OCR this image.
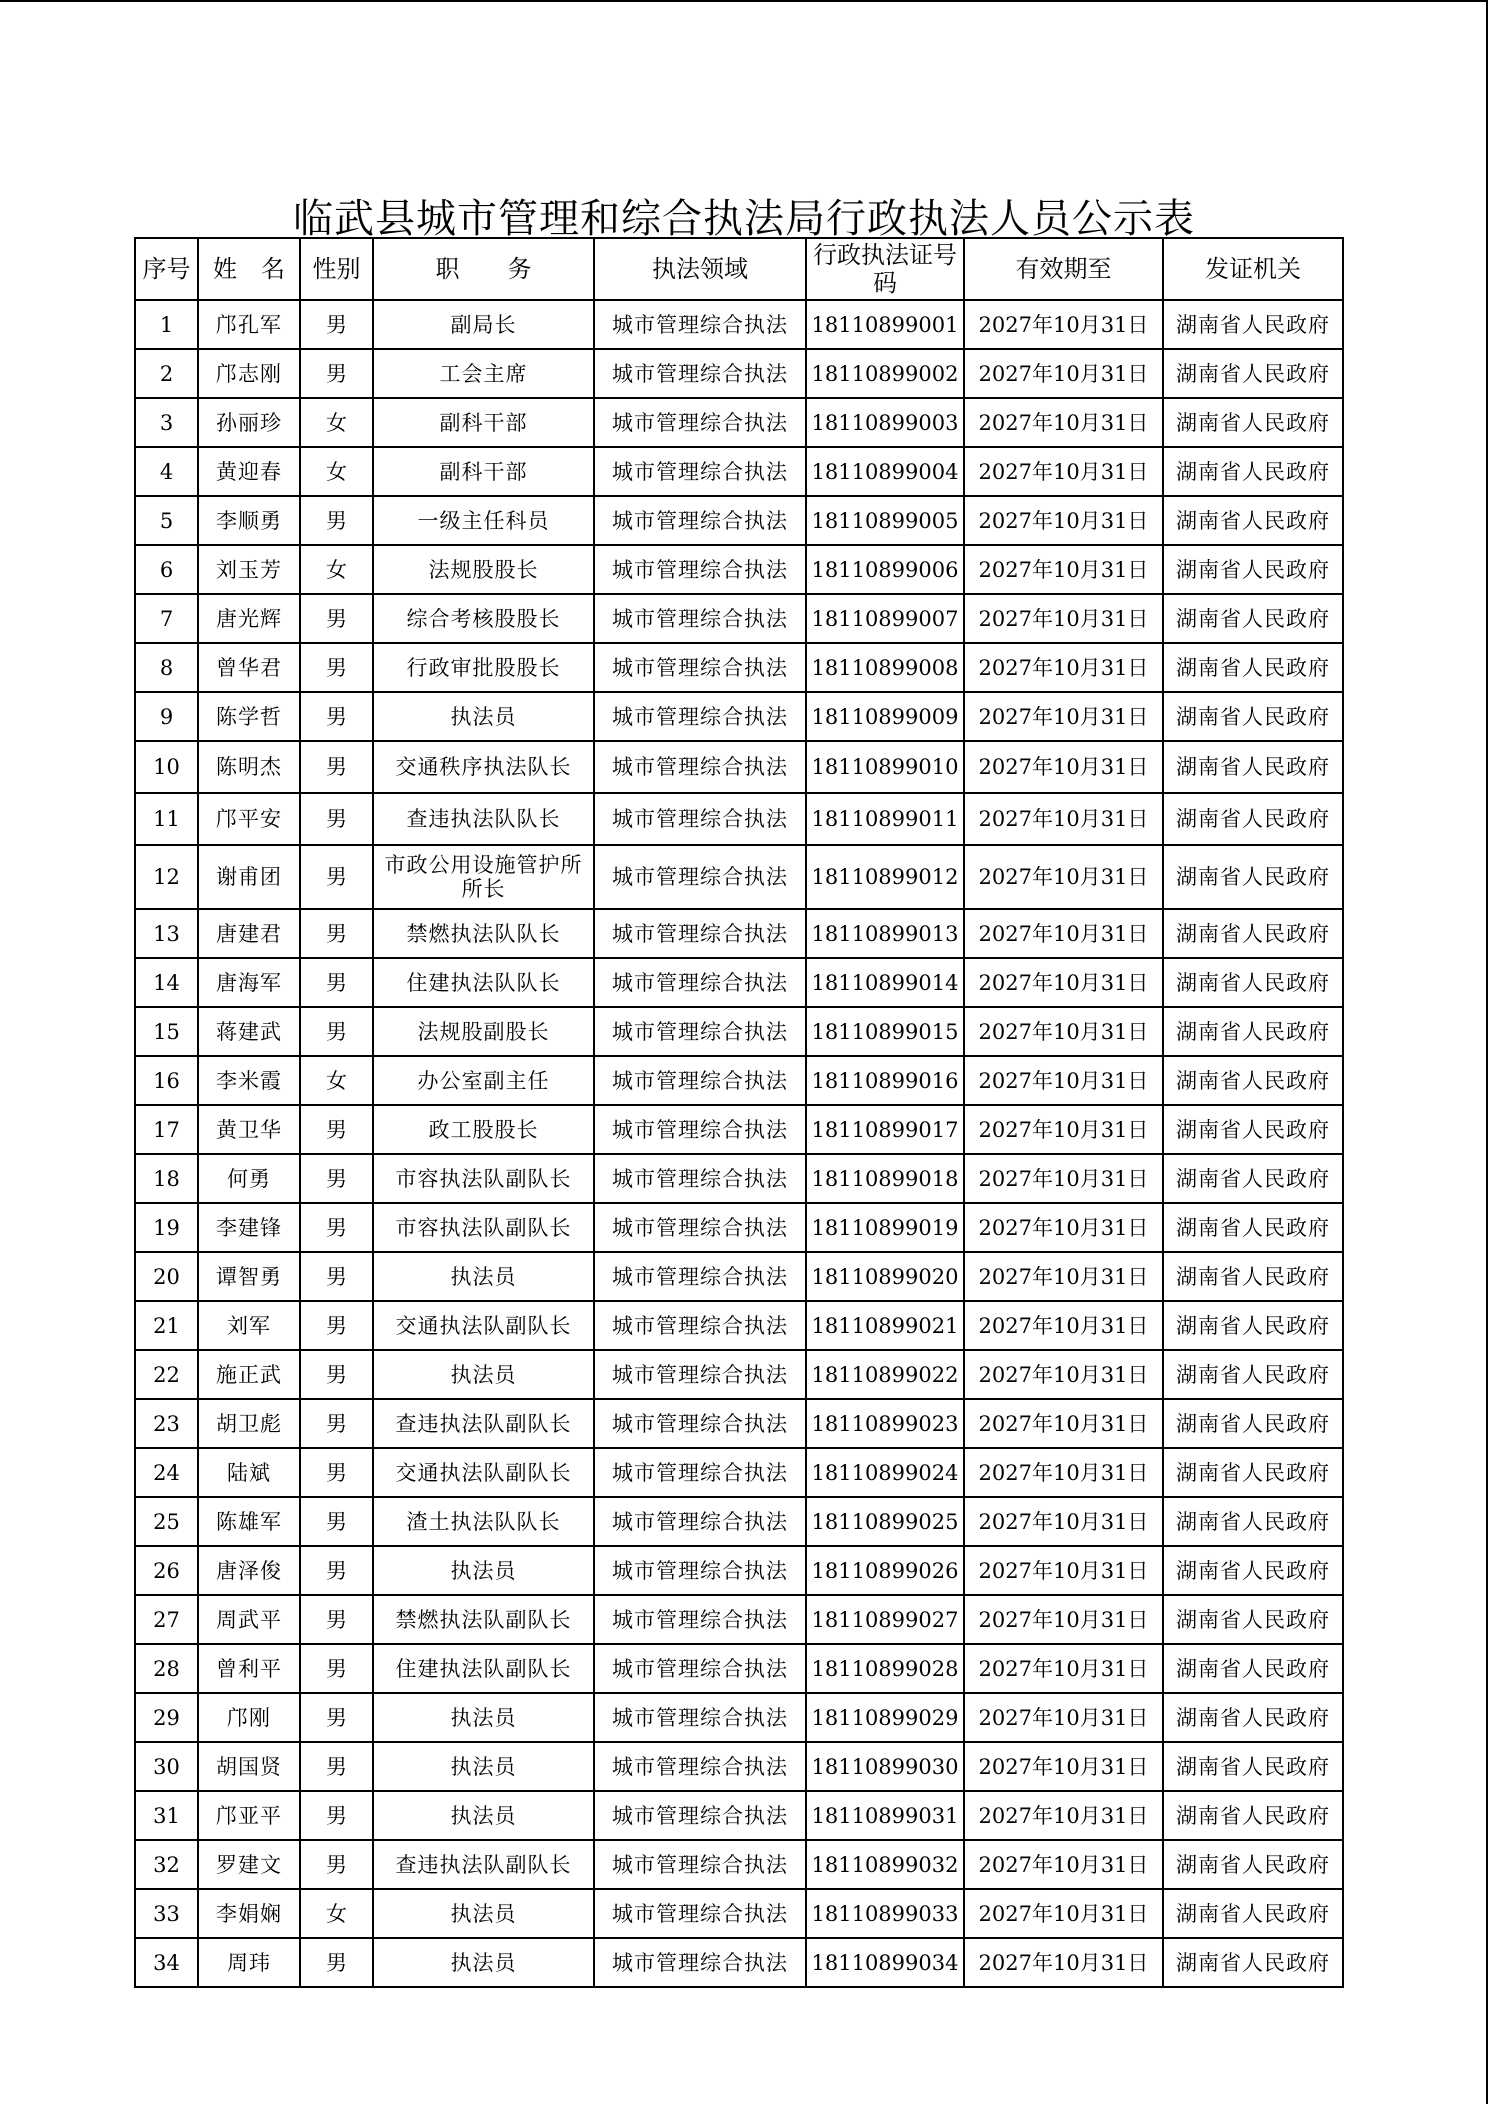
临武县城市管理和综合执法局行政执法人员公示表
序号	姓　名	性别	职　　务	执法领域	行政执法证号码	有效期至	发证机关
1	邝孔军	男	副局长	城市管理综合执法	18110899001	2027年10月31日	湖南省人民政府
2	邝志刚	男	工会主席	城市管理综合执法	18110899002	2027年10月31日	湖南省人民政府
3	孙丽珍	女	副科干部	城市管理综合执法	18110899003	2027年10月31日	湖南省人民政府
4	黄迎春	女	副科干部	城市管理综合执法	18110899004	2027年10月31日	湖南省人民政府
5	李顺勇	男	一级主任科员	城市管理综合执法	18110899005	2027年10月31日	湖南省人民政府
6	刘玉芳	女	法规股股长	城市管理综合执法	18110899006	2027年10月31日	湖南省人民政府
7	唐光辉	男	综合考核股股长	城市管理综合执法	18110899007	2027年10月31日	湖南省人民政府
8	曾华君	男	行政审批股股长	城市管理综合执法	18110899008	2027年10月31日	湖南省人民政府
9	陈学哲	男	执法员	城市管理综合执法	18110899009	2027年10月31日	湖南省人民政府
10	陈明杰	男	交通秩序执法队长	城市管理综合执法	18110899010	2027年10月31日	湖南省人民政府
11	邝平安	男	查违执法队队长	城市管理综合执法	18110899011	2027年10月31日	湖南省人民政府
12	谢甫团	男	市政公用设施管护所所长	城市管理综合执法	18110899012	2027年10月31日	湖南省人民政府
13	唐建君	男	禁燃执法队队长	城市管理综合执法	18110899013	2027年10月31日	湖南省人民政府
14	唐海军	男	住建执法队队长	城市管理综合执法	18110899014	2027年10月31日	湖南省人民政府
15	蒋建武	男	法规股副股长	城市管理综合执法	18110899015	2027年10月31日	湖南省人民政府
16	李米霞	女	办公室副主任	城市管理综合执法	18110899016	2027年10月31日	湖南省人民政府
17	黄卫华	男	政工股股长	城市管理综合执法	18110899017	2027年10月31日	湖南省人民政府
18	何勇	男	市容执法队副队长	城市管理综合执法	18110899018	2027年10月31日	湖南省人民政府
19	李建锋	男	市容执法队副队长	城市管理综合执法	18110899019	2027年10月31日	湖南省人民政府
20	谭智勇	男	执法员	城市管理综合执法	18110899020	2027年10月31日	湖南省人民政府
21	刘军	男	交通执法队副队长	城市管理综合执法	18110899021	2027年10月31日	湖南省人民政府
22	施正武	男	执法员	城市管理综合执法	18110899022	2027年10月31日	湖南省人民政府
23	胡卫彪	男	查违执法队副队长	城市管理综合执法	18110899023	2027年10月31日	湖南省人民政府
24	陆斌	男	交通执法队副队长	城市管理综合执法	18110899024	2027年10月31日	湖南省人民政府
25	陈雄军	男	渣土执法队队长	城市管理综合执法	18110899025	2027年10月31日	湖南省人民政府
26	唐泽俊	男	执法员	城市管理综合执法	18110899026	2027年10月31日	湖南省人民政府
27	周武平	男	禁燃执法队副队长	城市管理综合执法	18110899027	2027年10月31日	湖南省人民政府
28	曾利平	男	住建执法队副队长	城市管理综合执法	18110899028	2027年10月31日	湖南省人民政府
29	邝刚	男	执法员	城市管理综合执法	18110899029	2027年10月31日	湖南省人民政府
30	胡国贤	男	执法员	城市管理综合执法	18110899030	2027年10月31日	湖南省人民政府
31	邝亚平	男	执法员	城市管理综合执法	18110899031	2027年10月31日	湖南省人民政府
32	罗建文	男	查违执法队副队长	城市管理综合执法	18110899032	2027年10月31日	湖南省人民政府
33	李娟娴	女	执法员	城市管理综合执法	18110899033	2027年10月31日	湖南省人民政府
34	周玮	男	执法员	城市管理综合执法	18110899034	2027年10月31日	湖南省人民政府
